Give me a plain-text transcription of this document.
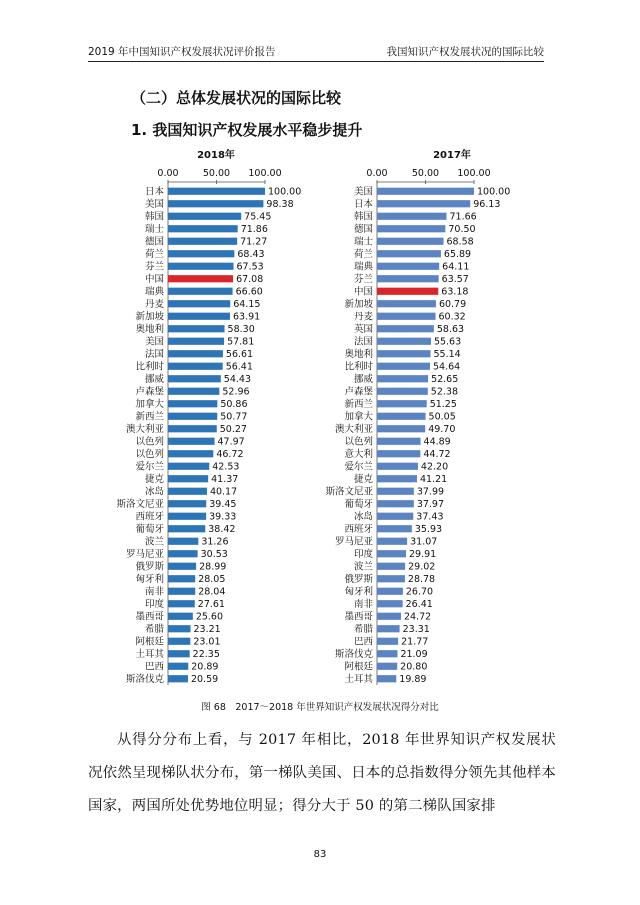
2019 年中国知识产权发展状况评价报告	我国知识产权发展状况的国际比较
（二）总体发展状况的国际比较
1. 我国知识产权发展水平稳步提升
2018年
0.00	50.00 100.00
日本	100.00
美国	98.38
韩国	75.45
瑞士	71.86
德国	71.27
荷兰	68.43
芬兰	67.53
中国	67.08
瑞典	66.60
丹麦	64.15
新加坡	63.91
奥地利	58.30
美国	57.81
法国	56.61
比利时	56.41
挪威	54.43
卢森堡	52.96
加拿大	50.86
新西兰	50.77
澳大利亚	50.27
以色列	47.97
以色列	46.72
爱尔兰	42.53
捷克	41.37
冰岛	40.17
斯洛文尼亚	39.45
西班牙	39.33
葡萄牙	38.42
波兰	31.26
罗马尼亚	30.53
俄罗斯	28.99
匈牙利	28.05
南非	28.04
印度	27.61
墨西哥	25.60
希腊	23.21
阿根廷	23.01
土耳其	22.35
巴西	20.89
斯洛伐克	20.59
2017年
0.00	50.00 100.00
美国	100.00
日本	96.13
韩国	71.66
德国	70.50
瑞士	68.58
荷兰	65.89
瑞典	64.11
芬兰	63.57
中国	63.18
新加坡	60.79
丹麦	60.32
英国	58.63
法国	55.63
奥地利	55.14
比利时	54.64
挪威	52.65
卢森堡	52.38
新西兰	51.25
加拿大	50.05
澳大利亚	49.70
以色列	44.89
意大利	44.72
爱尔兰	42.20
捷克	41.21
斯洛文尼亚	37.99
葡萄牙	37.97
冰岛	37.43
西班牙	35.93
罗马尼亚	31.07
印度	29.91
波兰	29.02
俄罗斯	28.78
匈牙利	26.70
南非	26.41
墨西哥	24.72
希腊	23.31
巴西	21.77
斯洛伐克	21.09
阿根廷	20.80
土耳其	19.89
图 68　2017～2018 年世界知识产权发展状况得分对比
从得分分布上看，与 2017 年相比，2018 年世界知识产权发展状况依然呈现梯队状分布，第一梯队美国、日本的总指数得分领先其他样本国家，两国所处优势地位明显；得分大于 50 的第二梯队国家排
83
